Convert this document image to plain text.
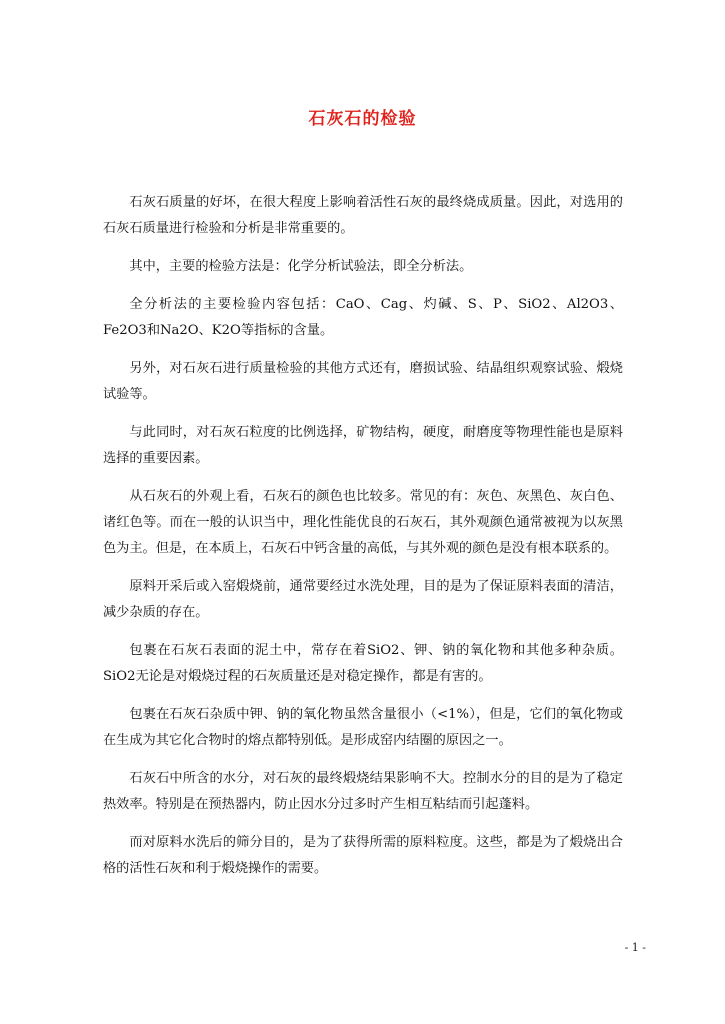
石灰石的检验

石灰石质量的好坏，在很大程度上影响着活性石灰的最终烧成质量。因此，对选用的石灰石质量进行检验和分析是非常重要的。

其中，主要的检验方法是：化学分析试验法，即全分析法。

全分析法的主要检验内容包括：CaO、Cag、灼碱、S、P、SiO2、Al2O3、Fe2O3和Na2O、K2O等指标的含量。

另外，对石灰石进行质量检验的其他方式还有，磨损试验、结晶组织观察试验、煅烧试验等。

与此同时，对石灰石粒度的比例选择，矿物结构，硬度，耐磨度等物理性能也是原料选择的重要因素。

从石灰石的外观上看，石灰石的颜色也比较多。常见的有：灰色、灰黑色、灰白色、诸红色等。而在一般的认识当中，理化性能优良的石灰石，其外观颜色通常被视为以灰黑色为主。但是，在本质上，石灰石中钙含量的高低，与其外观的颜色是没有根本联系的。

原料开采后或入窑煅烧前，通常要经过水洗处理，目的是为了保证原料表面的清洁，减少杂质的存在。

包裹在石灰石表面的泥土中，常存在着SiO2、钾、钠的氧化物和其他多种杂质。SiO2无论是对煅烧过程的石灰质量还是对稳定操作，都是有害的。

包裹在石灰石杂质中钾、钠的氧化物虽然含量很小（<1%），但是，它们的氧化物或在生成为其它化合物时的熔点都特别低。是形成窑内结圈的原因之一。

石灰石中所含的水分，对石灰的最终煅烧结果影响不大。控制水分的目的是为了稳定热效率。特别是在预热器内，防止因水分过多时产生相互粘结而引起蓬料。

而对原料水洗后的筛分目的，是为了获得所需的原料粒度。这些，都是为了煅烧出合格的活性石灰和利于煅烧操作的需要。

- 1 -
